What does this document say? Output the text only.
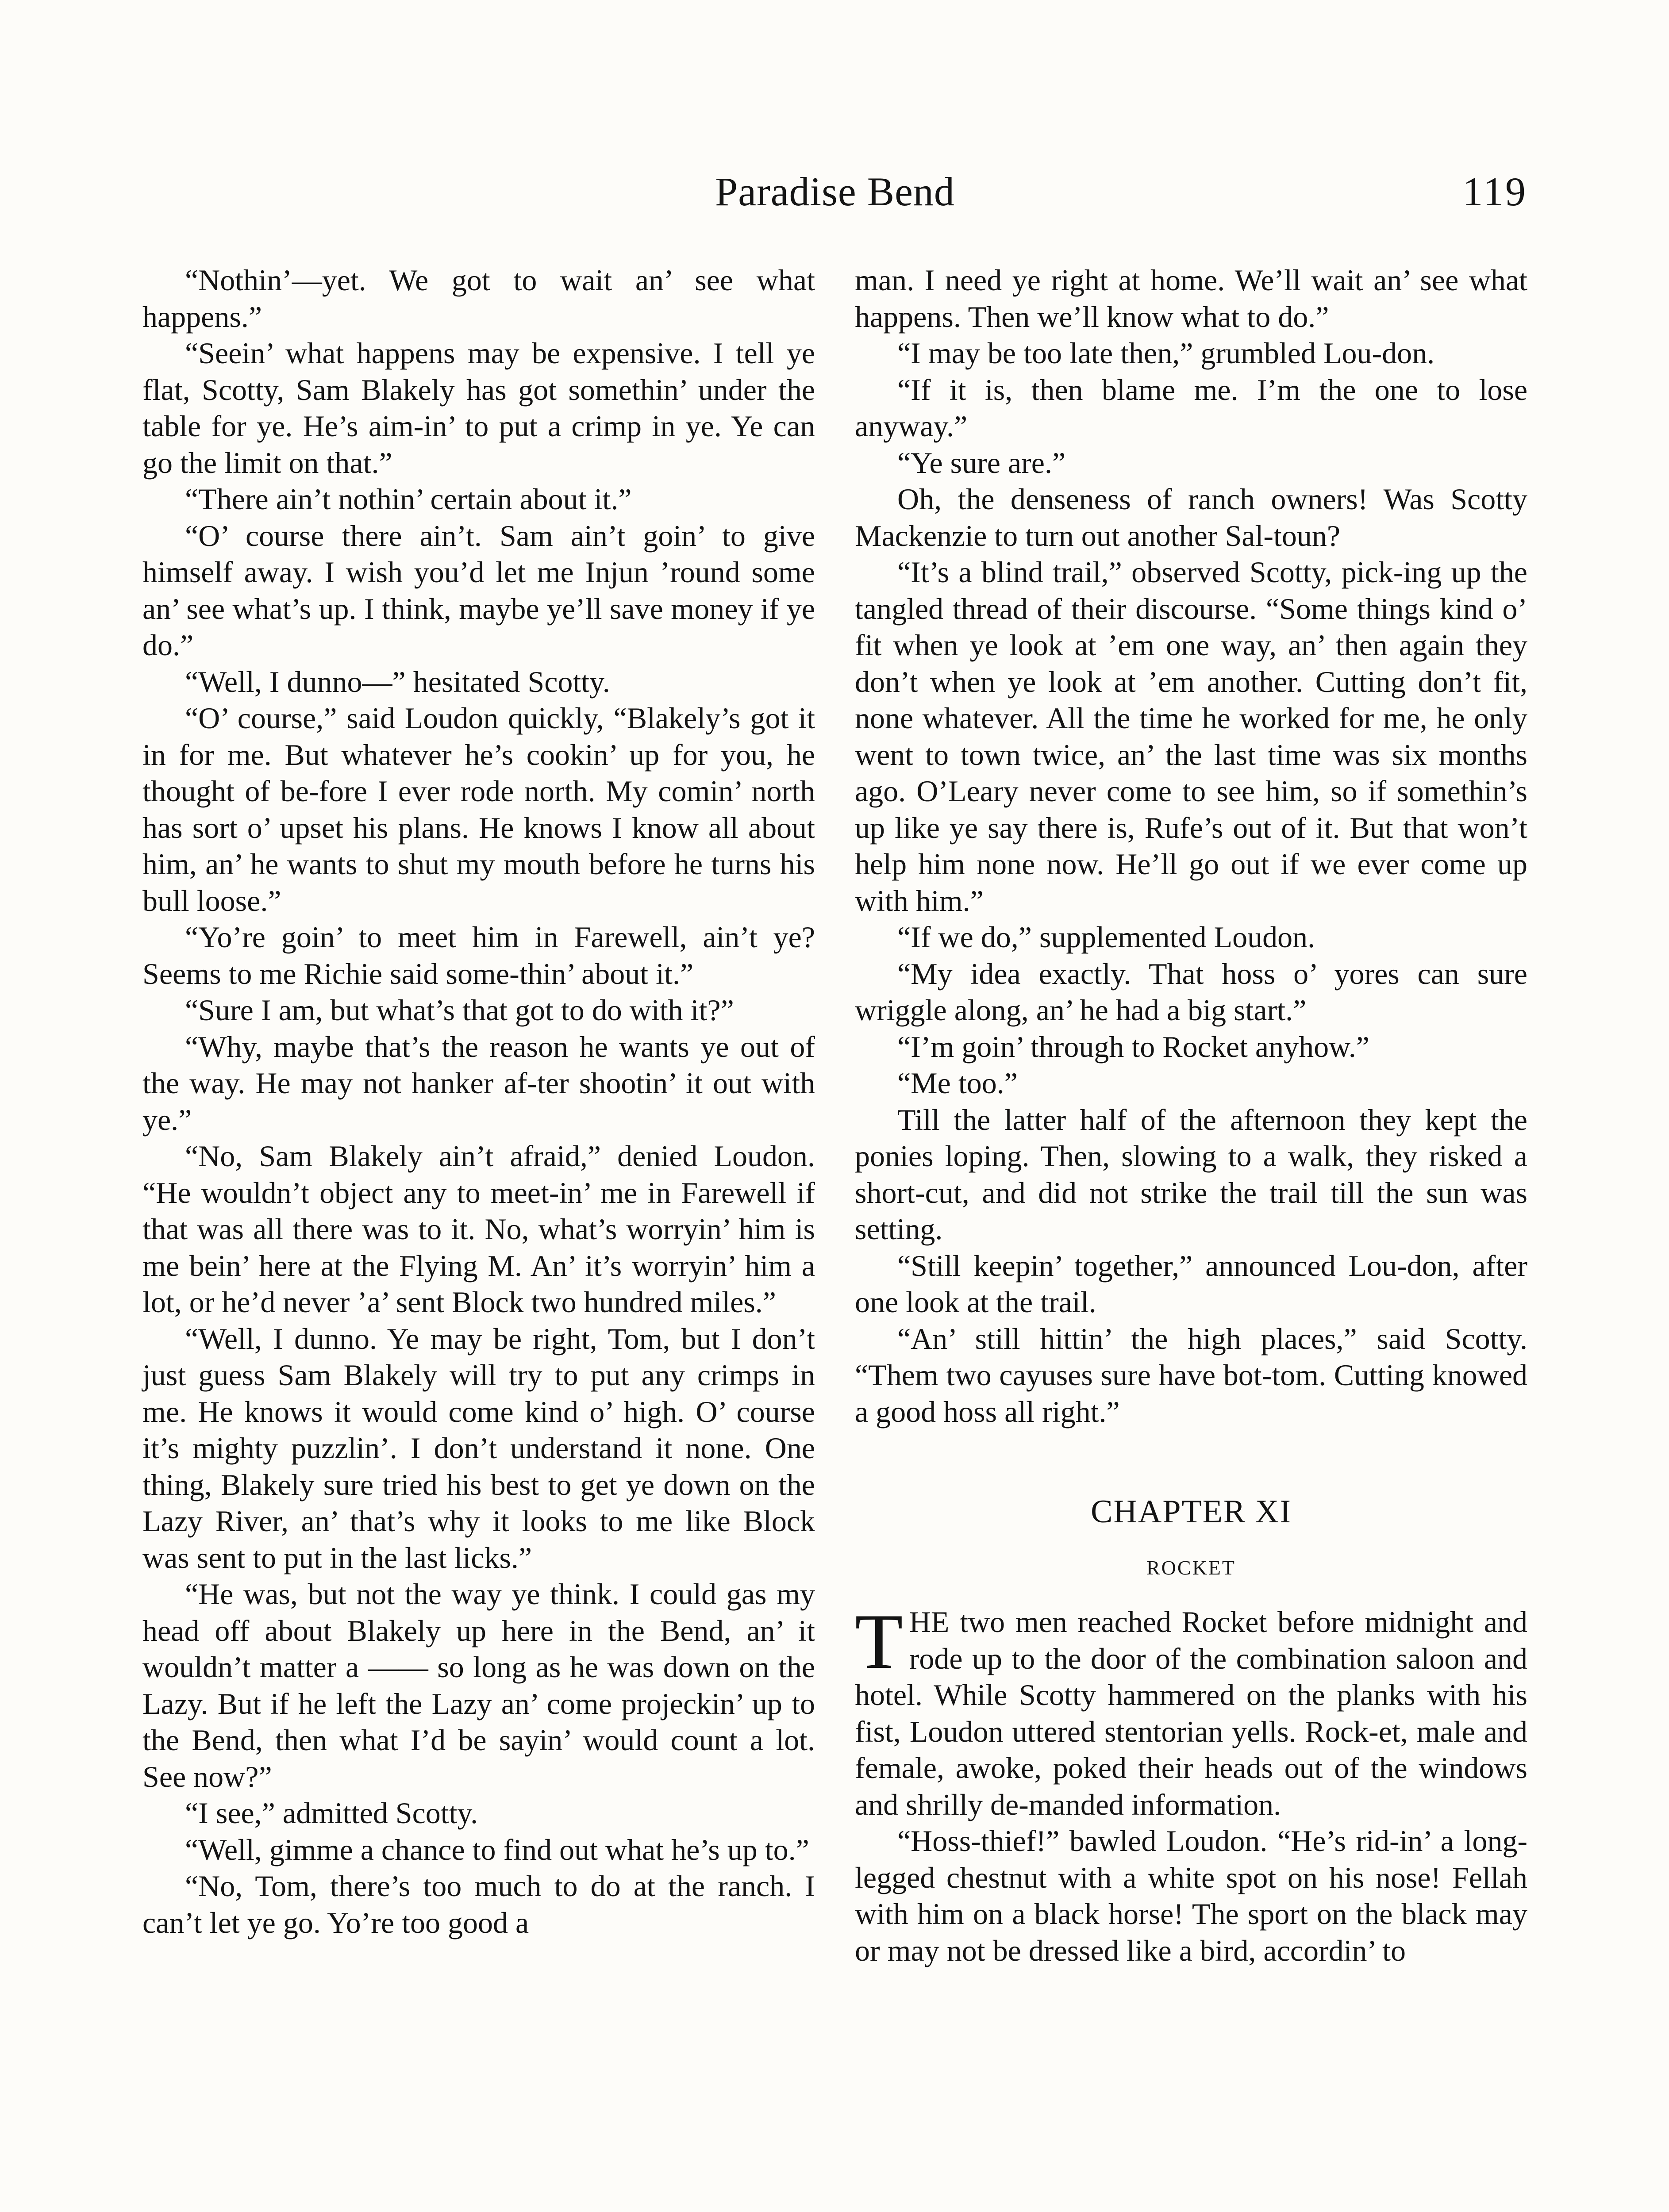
Paradise Bend	119

“Nothin’—yet. We got to wait an’ see what happens.”

“Seein’ what happens may be expensive. I tell ye flat, Scotty, Sam Blakely has got somethin’ under the table for ye. He’s aim-in’ to put a crimp in ye. Ye can go the limit on that.”

“There ain’t nothin’ certain about it.”

“O’ course there ain’t. Sam ain’t goin’ to give himself away. I wish you’d let me Injun ’round some an’ see what’s up. I think, maybe ye’ll save money if ye do.”

“Well, I dunno—” hesitated Scotty.

“O’ course,” said Loudon quickly, “Blakely’s got it in for me. But whatever he’s cookin’ up for you, he thought of be-fore I ever rode north. My comin’ north has sort o’ upset his plans. He knows I know all about him, an’ he wants to shut my mouth before he turns his bull loose.”

“Yo’re goin’ to meet him in Farewell, ain’t ye? Seems to me Richie said some-thin’ about it.”

“Sure I am, but what’s that got to do with it?”

“Why, maybe that’s the reason he wants ye out of the way. He may not hanker af-ter shootin’ it out with ye.”

“No, Sam Blakely ain’t afraid,” denied Loudon. “He wouldn’t object any to meet-in’ me in Farewell if that was all there was to it. No, what’s worryin’ him is me bein’ here at the Flying M. An’ it’s worryin’ him a lot, or he’d never ’a’ sent Block two hundred miles.”

“Well, I dunno. Ye may be right, Tom, but I don’t just guess Sam Blakely will try to put any crimps in me. He knows it would come kind o’ high. O’ course it’s mighty puzzlin’. I don’t understand it none. One thing, Blakely sure tried his best to get ye down on the Lazy River, an’ that’s why it looks to me like Block was sent to put in the last licks.”

“He was, but not the way ye think. I could gas my head off about Blakely up here in the Bend, an’ it wouldn’t matter a —— so long as he was down on the Lazy. But if he left the Lazy an’ come projeckin’ up to the Bend, then what I’d be sayin’ would count a lot. See now?”

“I see,” admitted Scotty.

“Well, gimme a chance to find out what he’s up to.”

“No, Tom, there’s too much to do at the ranch. I can’t let ye go. Yo’re too good a

man. I need ye right at home. We’ll wait an’ see what happens. Then we’ll know what to do.”

“I may be too late then,” grumbled Lou-don.

“If it is, then blame me. I’m the one to lose anyway.”

“Ye sure are.”

Oh, the denseness of ranch owners! Was Scotty Mackenzie to turn out another Sal-toun?

“It’s a blind trail,” observed Scotty, pick-ing up the tangled thread of their discourse. “Some things kind o’ fit when ye look at ’em one way, an’ then again they don’t when ye look at ’em another. Cutting don’t fit, none whatever. All the time he worked for me, he only went to town twice, an’ the last time was six months ago. O’Leary never come to see him, so if somethin’s up like ye say there is, Rufe’s out of it. But that won’t help him none now. He’ll go out if we ever come up with him.”

“If we do,” supplemented Loudon.

“My idea exactly. That hoss o’ yores can sure wriggle along, an’ he had a big start.”

“I’m goin’ through to Rocket anyhow.”

“Me too.”

Till the latter half of the afternoon they kept the ponies loping. Then, slowing to a walk, they risked a short-cut, and did not strike the trail till the sun was setting.

“Still keepin’ together,” announced Lou-don, after one look at the trail.

“An’ still hittin’ the high places,” said Scotty. “Them two cayuses sure have bot-tom. Cutting knowed a good hoss all right.”

CHAPTER XI
ROCKET

THE two men reached Rocket before midnight and rode up to the door of the combination saloon and hotel. While Scotty hammered on the planks with his fist, Loudon uttered stentorian yells. Rock-et, male and female, awoke, poked their heads out of the windows and shrilly de-manded information.

“Hoss-thief!” bawled Loudon. “He’s rid-in’ a long-legged chestnut with a white spot on his nose! Fellah with him on a black horse! The sport on the black may or may not be dressed like a bird, accordin’ to
